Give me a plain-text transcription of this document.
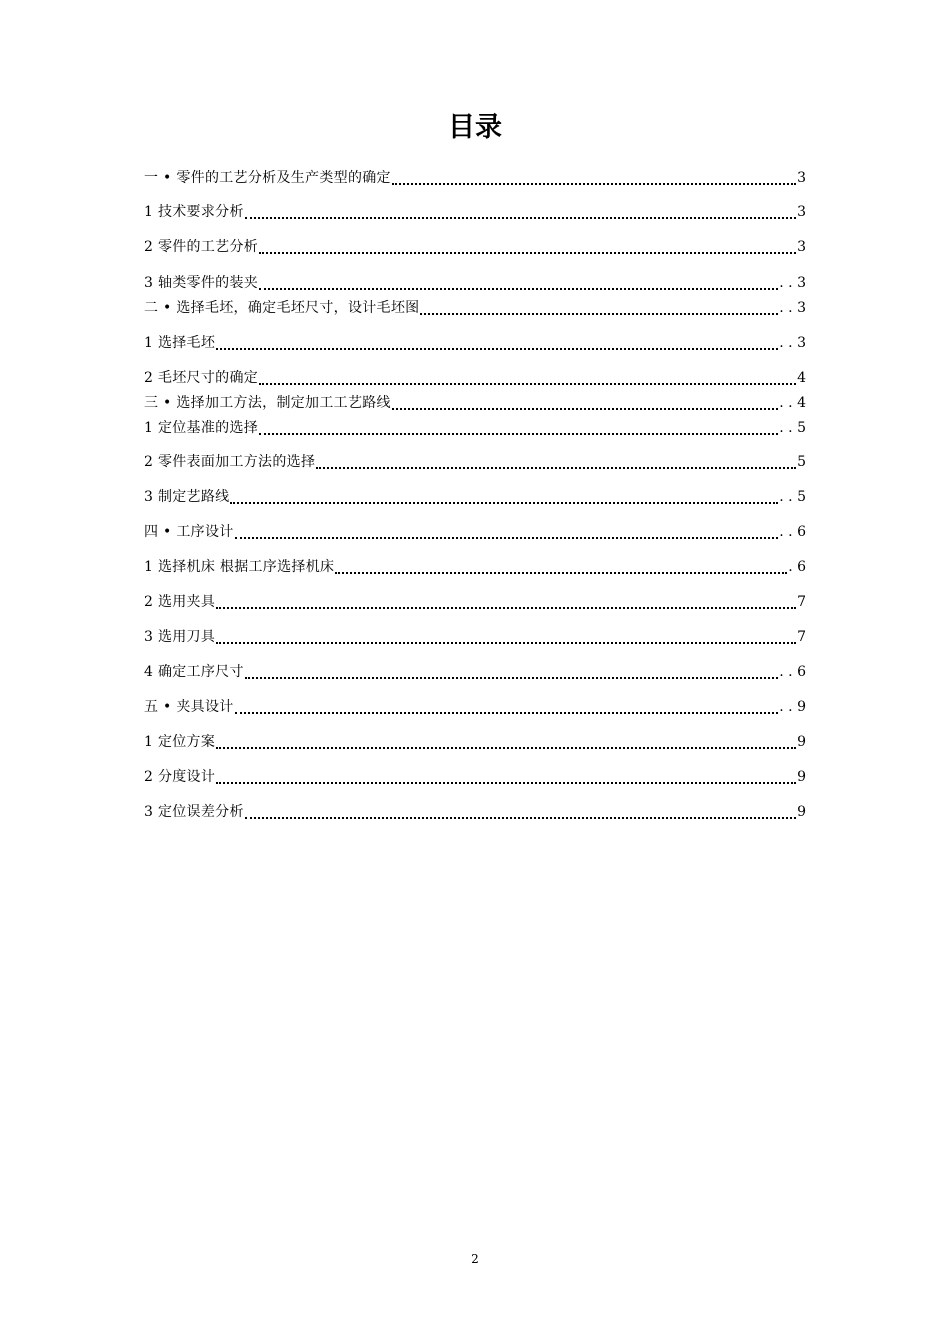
目录
一 • 零件的工艺分析及生产类型的确定	3
1 技术要求分析	3
2 零件的工艺分析	3
3 轴类零件的装夹	. . 3
二 • 选择毛坯，确定毛坯尺寸，设计毛坯图	. . 3
1 选择毛坯	. . 3
2 毛坯尺寸的确定	4
三 • 选择加工方法，制定加工工艺路线	. . 4
1 定位基准的选择	. . 5
2 零件表面加工方法的选择	5
3 制定艺路线	. . 5
四 • 工序设计	. . 6
1 选择机床 根据工序选择机床	. 6
2 选用夹具	7
3 选用刀具	7
4 确定工序尺寸	. . 6
五 • 夹具设计	. . 9
1 定位方案	9
2 分度设计	9
3 定位误差分析	9
2
